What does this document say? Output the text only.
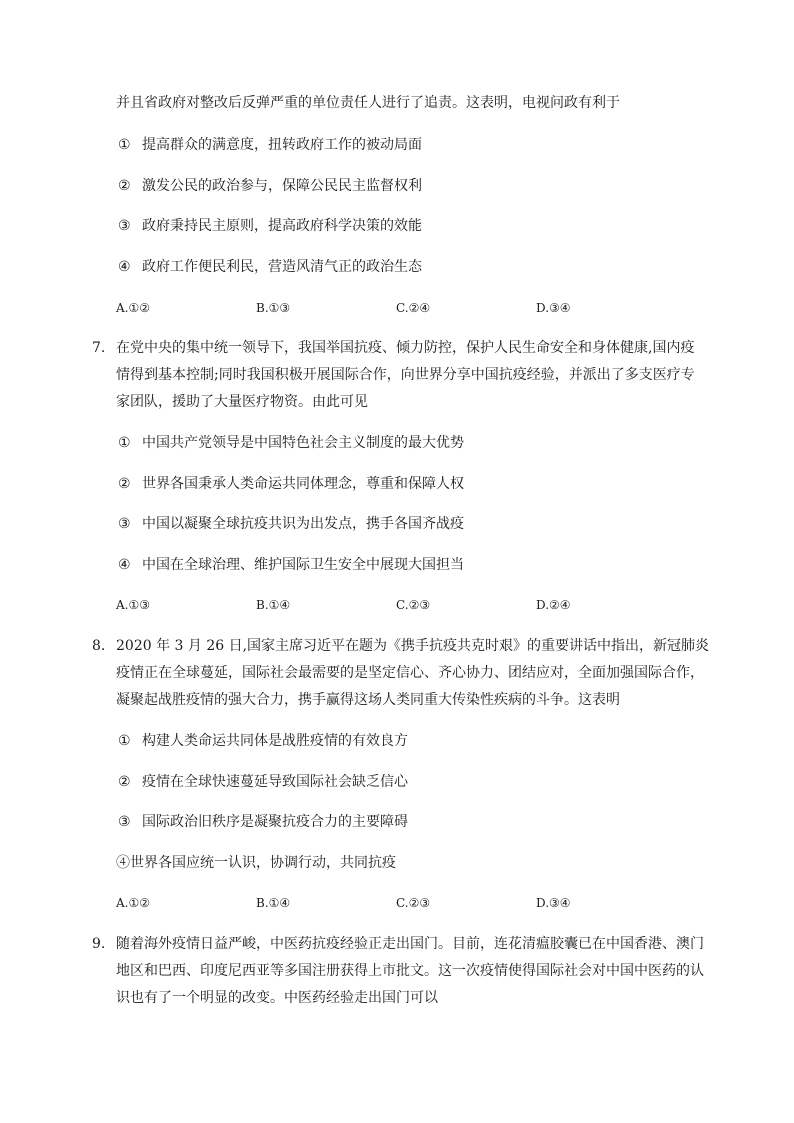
并且省政府对整改后反弹严重的单位责任人进行了追责。这表明，电视问政有利于
① 提高群众的满意度，扭转政府工作的被动局面
② 激发公民的政治参与，保障公民民主监督权利
③ 政府秉持民主原则，提高政府科学决策的效能
④ 政府工作便民利民，营造风清气正的政治生态
A.①②	B.①③	C.②④	D.③④
7. 在党中央的集中统一领导下，我国举国抗疫、倾力防控，保护人民生命安全和身体健康,国内疫
情得到基本控制;同时我国积极开展国际合作，向世界分享中国抗疫经验，并派出了多支医疗专
家团队，援助了大量医疗物资。由此可见
① 中国共产党领导是中国特色社会主义制度的最大优势
② 世界各国秉承人类命运共同体理念，尊重和保障人权
③ 中国以凝聚全球抗疫共识为出发点，携手各国齐战疫
④ 中国在全球治理、维护国际卫生安全中展现大国担当
A.①③	B.①④	C.②③	D.②④
8. 2020 年 3 月 26 日,国家主席习近平在题为《携手抗疫共克时艰》的重要讲话中指出，新冠肺炎
疫情正在全球蔓延，国际社会最需要的是坚定信心、齐心协力、团结应对，全面加强国际合作，
凝聚起战胜疫情的强大合力，携手赢得这场人类同重大传染性疾病的斗争。这表明
① 构建人类命运共同体是战胜疫情的有效良方
② 疫情在全球快速蔓延导致国际社会缺乏信心
③ 国际政治旧秩序是凝聚抗疫合力的主要障碍
④世界各国应统一认识，协调行动，共同抗疫
A.①②	B.①④	C.②③	D.③④
9. 随着海外疫情日益严峻，中医药抗疫经验正走出国门。目前，连花清瘟胶囊已在中国香港、澳门
地区和巴西、印度尼西亚等多国注册获得上市批文。这一次疫情使得国际社会对中国中医药的认
识也有了一个明显的改变。中医药经验走出国门可以
